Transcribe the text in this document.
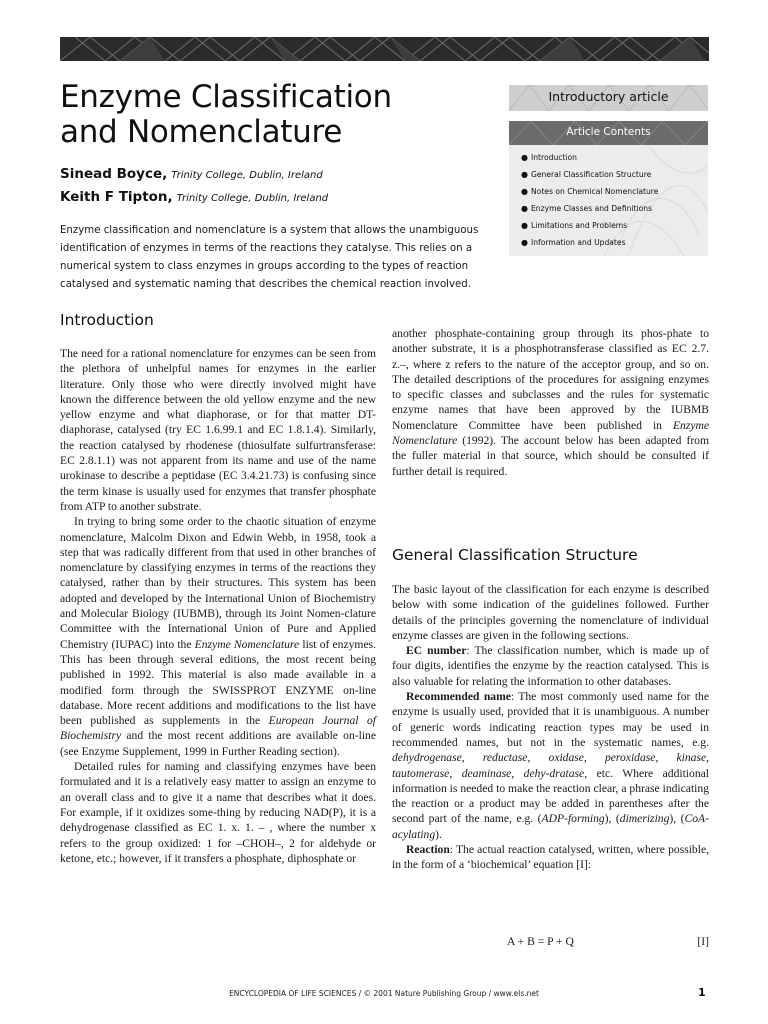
Enzyme Classification
and Nomenclature
Sinead Boyce, Trinity College, Dublin, Ireland
Keith F Tipton, Trinity College, Dublin, Ireland
Enzyme classification and nomenclature is a system that allows the unambiguous identification of enzymes in terms of the reactions they catalyse. This relies on a numerical system to class enzymes in groups according to the types of reaction catalysed and systematic naming that describes the chemical reaction involved.
Introductory article
Article Contents
● Introduction
● General Classification Structure
● Notes on Chemical Nomenclature
● Enzyme Classes and Definitions
● Limitations and Problems
● Information and Updates
Introduction

The need for a rational nomenclature for enzymes can be seen from the plethora of unhelpful names for enzymes in the earlier literature. Only those who were directly involved might have known the difference between the old yellow enzyme and the new yellow enzyme and what diaphorase, or for that matter DT-diaphorase, catalysed (try EC 1.6.99.1 and EC 1.8.1.4). Similarly, the reaction catalysed by rhodenese (thiosulfate sulfurtransferase: EC 2.8.1.1) was not apparent from its name and use of the name urokinase to describe a peptidase (EC 3.4.21.73) is confusing since the term kinase is usually used for enzymes that transfer phosphate from ATP to another substrate.

In trying to bring some order to the chaotic situation of enzyme nomenclature, Malcolm Dixon and Edwin Webb, in 1958, took a step that was radically different from that used in other branches of nomenclature by classifying enzymes in terms of the reactions they catalysed, rather than by their structures. This system has been adopted and developed by the International Union of Biochemistry and Molecular Biology (IUBMB), through its Joint Nomen-clature Committee with the International Union of Pure and Applied Chemistry (IUPAC) into the Enzyme Nomenclature list of enzymes. This has been through several editions, the most recent being published in 1992. This material is also made available in a modified form through the SWISSPROT ENZYME on-line database. More recent additions and modifications to the list have been published as supplements in the European Journal of Biochemistry and the most recent additions are available on-line (see Enzyme Supplement, 1999 in Further Reading section).

Detailed rules for naming and classifying enzymes have been formulated and it is a relatively easy matter to assign an enzyme to an overall class and to give it a name that describes what it does. For example, if it oxidizes some-thing by reducing NAD(P), it is a dehydrogenase classified as EC 1. x. 1. – , where the number x refers to the group oxidized: 1 for –CHOH–, 2 for aldehyde or ketone, etc.; however, if it transfers a phosphate, diphosphate or

another phosphate-containing group through its phos-phate to another substrate, it is a phosphotransferase classified as EC 2.7. z.–, where z refers to the nature of the acceptor group, and so on. The detailed descriptions of the procedures for assigning enzymes to specific classes and subclasses and the rules for systematic enzyme names that have been approved by the IUBMB Nomenclature Committee have been published in Enzyme Nomenclature (1992). The account below has been adapted from the fuller material in that source, which should be consulted if further detail is required.

General Classification Structure

The basic layout of the classification for each enzyme is described below with some indication of the guidelines followed. Further details of the principles governing the nomenclature of individual enzyme classes are given in the following sections.

EC number: The classification number, which is made up of four digits, identifies the enzyme by the reaction catalysed. This is also valuable for relating the information to other databases.

Recommended name: The most commonly used name for the enzyme is usually used, provided that it is unambiguous. A number of generic words indicating reaction types may be used in recommended names, but not in the systematic names, e.g. dehydrogenase, reductase, oxidase, peroxidase, kinase, tautomerase, deaminase, dehy-dratase, etc. Where additional information is needed to make the reaction clear, a phrase indicating the reaction or a product may be added in parentheses after the second part of the name, e.g. (ADP-forming), (dimerizing), (CoA-acylating).

Reaction: The actual reaction catalysed, written, where possible, in the form of a ‘biochemical’ equation [I]:

A + B = P + Q	[I]
ENCYCLOPEDIA OF LIFE SCIENCES / © 2001 Nature Publishing Group / www.els.net	1
